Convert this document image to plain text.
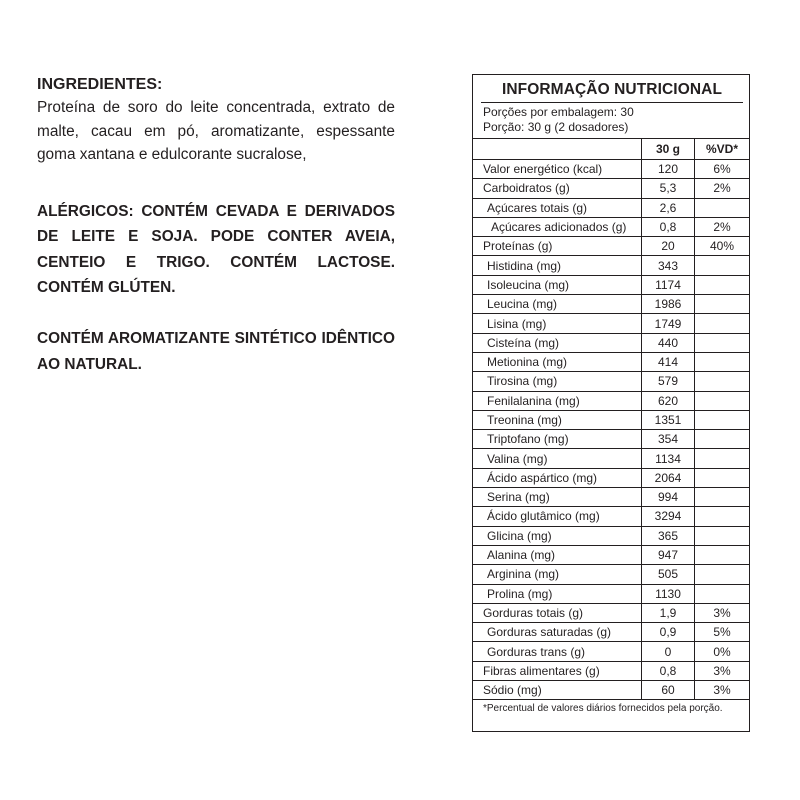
INGREDIENTES:

Proteína de soro do leite concentrada, extrato de malte, cacau em pó, aromatizante, espessante goma xantana e edulcorante sucralose,

ALÉRGICOS: CONTÉM CEVADA E DERIVADOS DE LEITE E SOJA. PODE CONTER AVEIA, CENTEIO E TRIGO. CONTÉM LACTOSE. CONTÉM GLÚTEN.

CONTÉM AROMATIZANTE SINTÉTICO IDÊNTICO AO NATURAL.

INFORMAÇÃO NUTRICIONAL
Porções por embalagem: 30
Porção: 30 g (2 dosadores)
	30 g	%VD*
Valor energético (kcal)	120	6%
Carboidratos (g)	5,3	2%
Açúcares totais (g)	2,6	
Açúcares adicionados (g)	0,8	2%
Proteínas (g)	20	40%
Histidina (mg)	343	
Isoleucina (mg)	1174	
Leucina (mg)	1986	
Lisina (mg)	1749	
Cisteína (mg)	440	
Metionina (mg)	414	
Tirosina (mg)	579	
Fenilalanina (mg)	620	
Treonina (mg)	1351	
Triptofano (mg)	354	
Valina (mg)	1134	
Ácido aspártico (mg)	2064	
Serina (mg)	994	
Ácido glutâmico (mg)	3294	
Glicina (mg)	365	
Alanina (mg)	947	
Arginina (mg)	505	
Prolina (mg)	1130	
Gorduras totais (g)	1,9	3%
Gorduras saturadas (g)	0,9	5%
Gorduras trans (g)	0	0%
Fibras alimentares (g)	0,8	3%
Sódio (mg)	60	3%
*Percentual de valores diários fornecidos pela porção.
